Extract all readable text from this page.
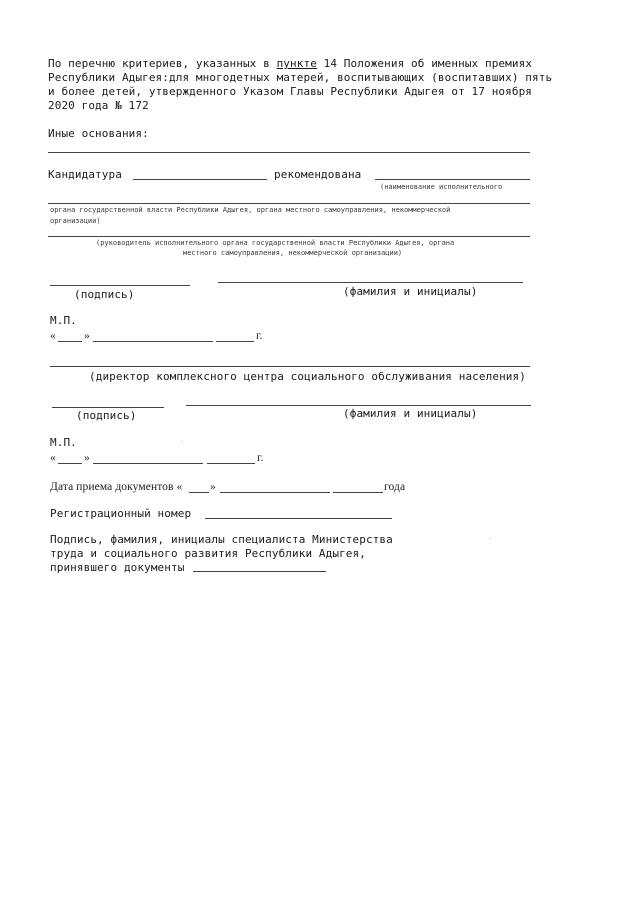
По перечню критериев, указанных в пункте 14 Положения об именных премиях
Республики Адыгея:для многодетных матерей, воспитывающих (воспитавших) пять
и более детей, утвержденного Указом Главы Республики Адыгея от 17 ноября
2020 года № 172
Иные основания:
Кандидатура	рекомендована
(наименование исполнительного
органа государственной власти Республики Адыгея, органа местного самоуправления, некоммерческой
организации)
(руководитель исполнительного органа государственной власти Республики Адыгея, органа
местного самоуправления, некоммерческой организации)
(подпись)	(фамилия и инициалы)
М.П.
« »	г.
(директор комплексного центра социального обслуживания населения)
(подпись)	(фамилия и инициалы)
М.П.
« »	г.
Дата приема документов « »	года
Регистрационный номер
Подпись, фамилия, инициалы специалиста Министерства
труда и социального развития Республики Адыгея,
принявшего документы
